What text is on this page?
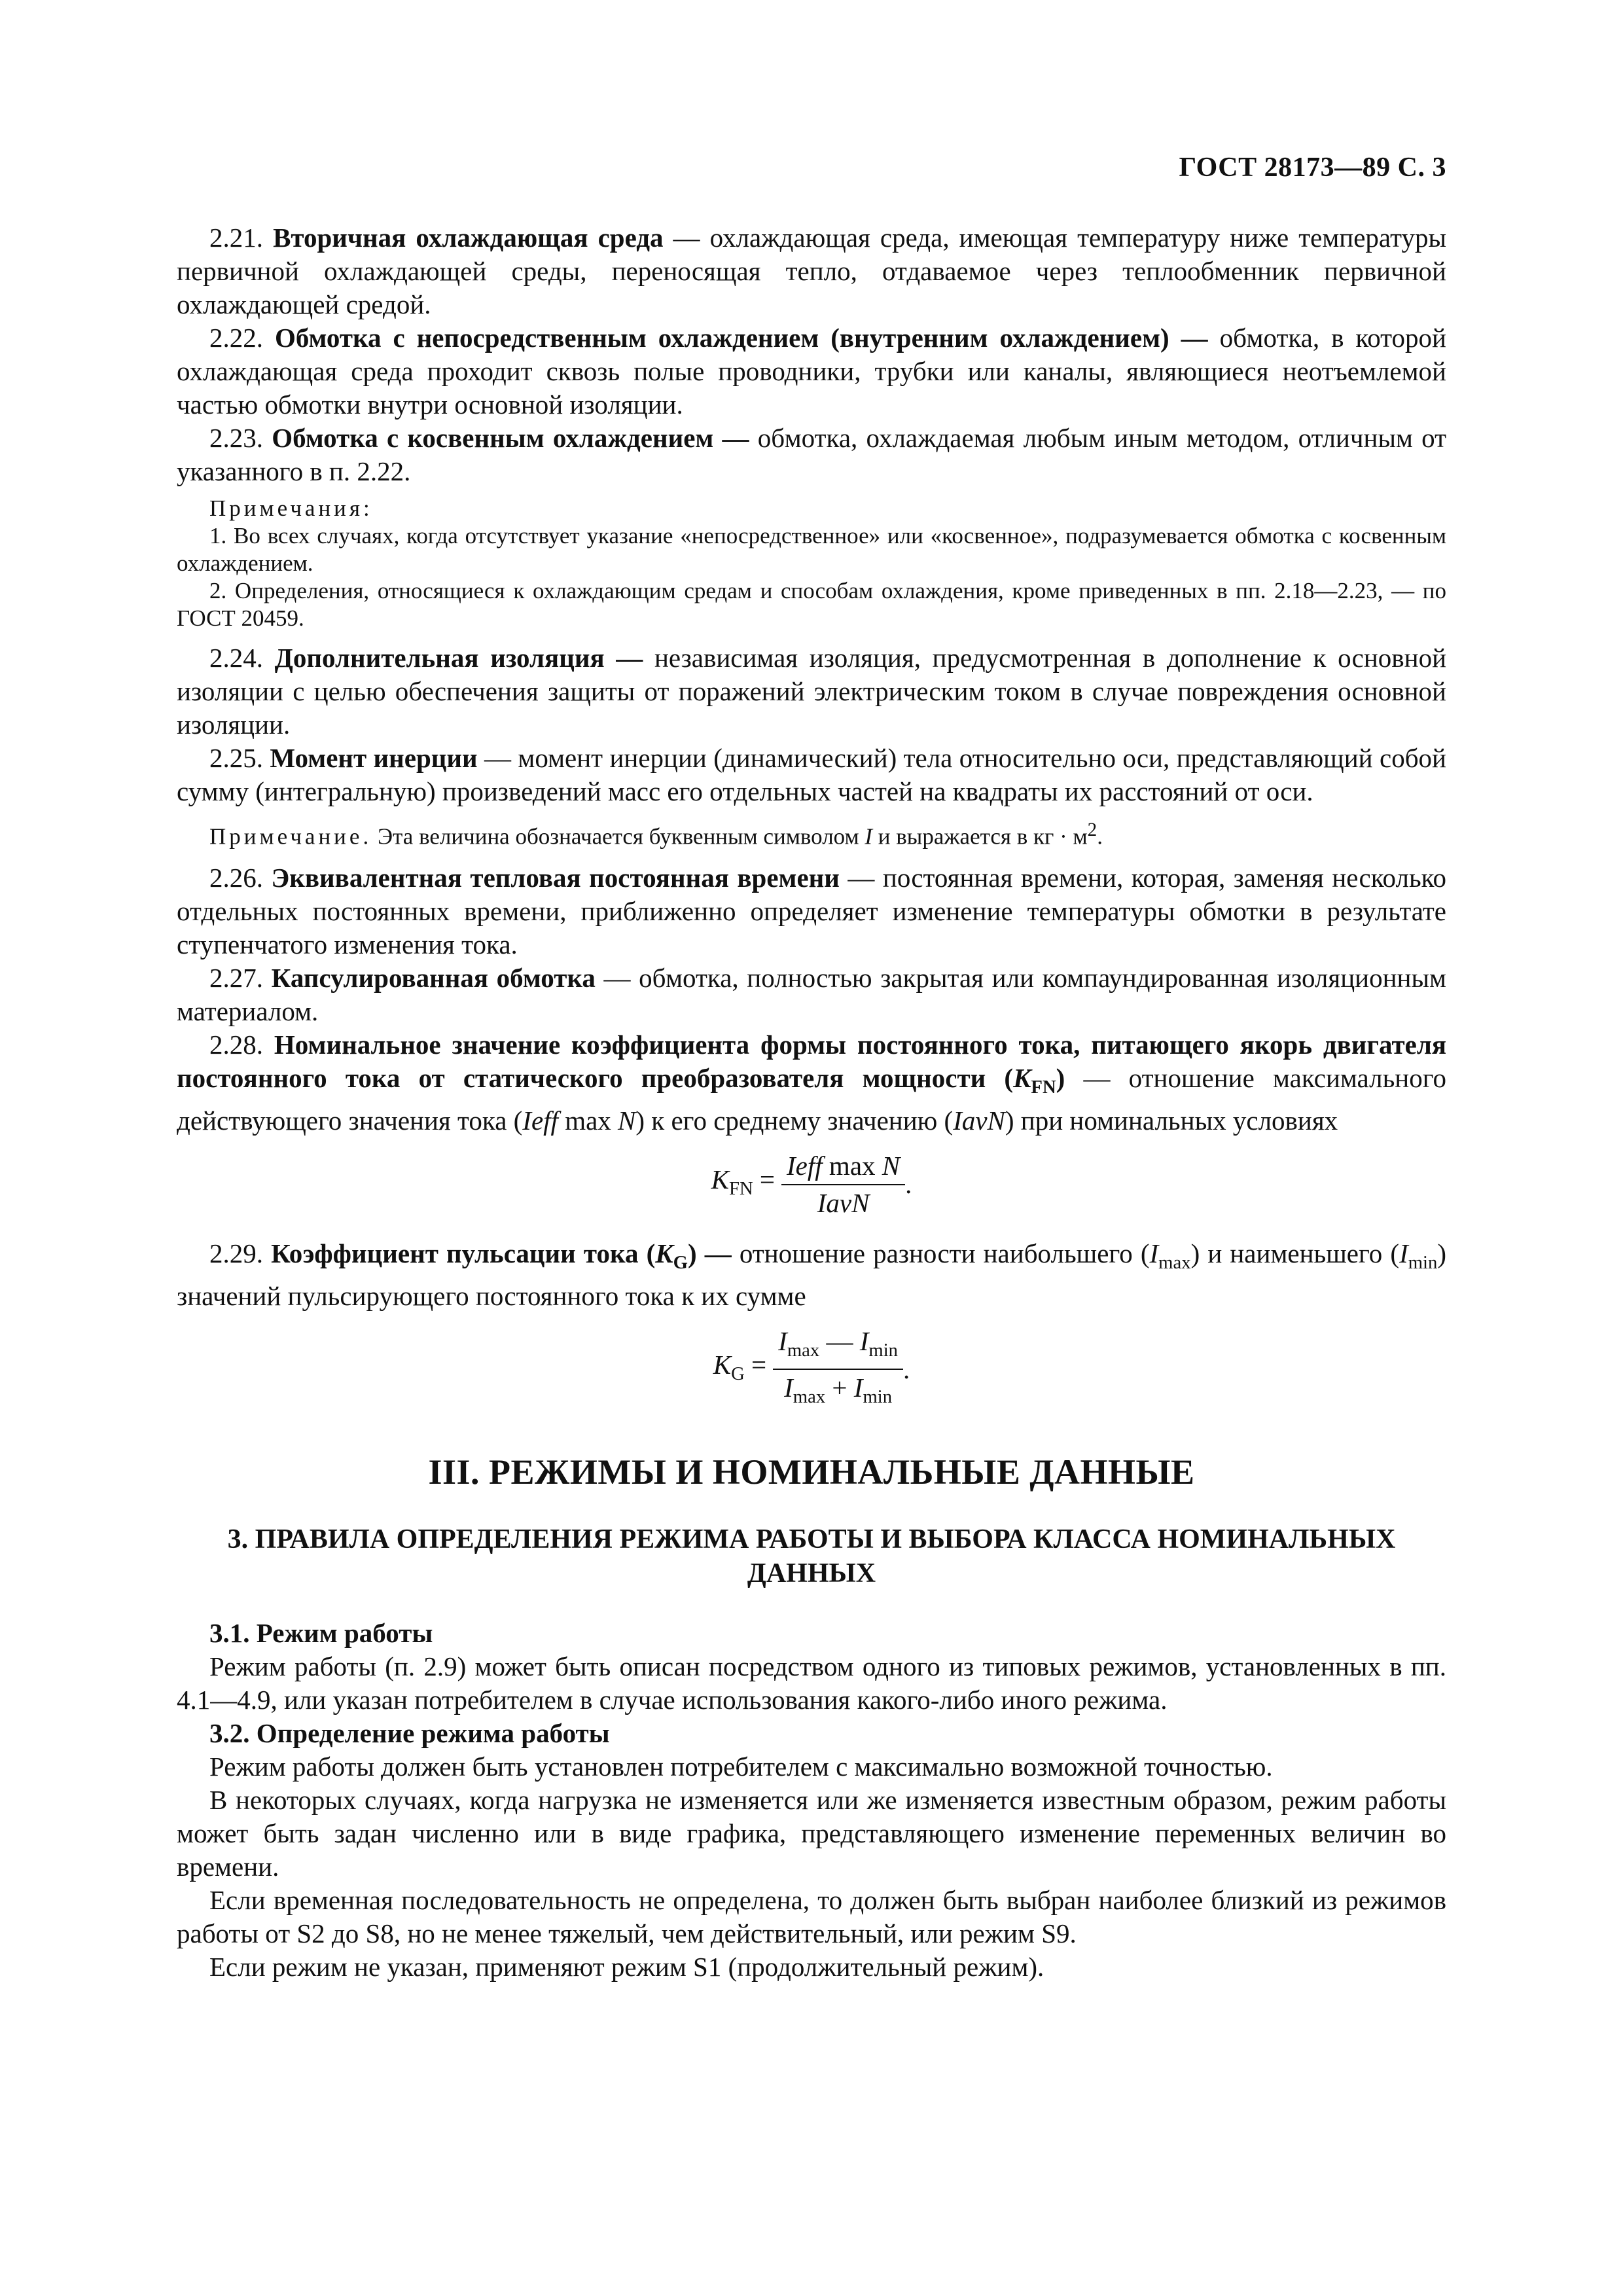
ГОСТ 28173—89 С. 3

2.21. Вторичная охлаждающая среда — охлаждающая среда, имеющая температуру ниже температуры первичной охлаждающей среды, переносящая тепло, отдаваемое через теплообменник первичной охлаждающей средой.

2.22. Обмотка с непосредственным охлаждением (внутренним охлаждением) — обмотка, в которой охлаждающая среда проходит сквозь полые проводники, трубки или каналы, являющиеся неотъемлемой частью обмотки внутри основной изоляции.

2.23. Обмотка с косвенным охлаждением — обмотка, охлаждаемая любым иным методом, отличным от указанного в п. 2.22.

Примечания:

1. Во всех случаях, когда отсутствует указание «непосредственное» или «косвенное», подразумевается обмотка с косвенным охлаждением.

2. Определения, относящиеся к охлаждающим средам и способам охлаждения, кроме приведенных в пп. 2.18—2.23, — по ГОСТ 20459.

2.24. Дополнительная изоляция — независимая изоляция, предусмотренная в дополнение к основной изоляции с целью обеспечения защиты от поражений электрическим током в случае повреждения основной изоляции.

2.25. Момент инерции — момент инерции (динамический) тела относительно оси, представляющий собой сумму (интегральную) произведений масс его отдельных частей на квадраты их расстояний от оси.

Примечание. Эта величина обозначается буквенным символом I и выражается в кг · $м^2$.

2.26. Эквивалентная тепловая постоянная времени — постоянная времени, которая, заменяя несколько отдельных постоянных времени, приближенно определяет изменение температуры обмотки в результате ступенчатого изменения тока.

2.27. Капсулированная обмотка — обмотка, полностью закрытая или компаундированная изоляционным материалом.

2.28. Номинальное значение коэффициента формы постоянного тока, питающего якорь двигателя постоянного тока от статического преобразователя мощности $(K_{FN})$ — отношение максимального действующего значения тока (Ieff max N) к его среднему значению (IavN) при номинальных условиях

$K_{FN} = \frac{\text{Ieff max N}}{\text{IavN}}$ .

2.29. Коэффициент пульсации тока $(K_G)$ — отношение разности наибольшего $(I_{max})$ и наименьшего $(I_{min})$ значений пульсирующего постоянного тока к их сумме

$K_G = \frac{I_{max} — I_{min}}{I_{max} + I_{min}}$ .
III. РЕЖИМЫ И НОМИНАЛЬНЫЕ ДАННЫЕ
3. ПРАВИЛА ОПРЕДЕЛЕНИЯ РЕЖИМА РАБОТЫ И ВЫБОРА КЛАССА НОМИНАЛЬНЫХ ДАННЫХ

3.1. Режим работы

Режим работы (п. 2.9) может быть описан посредством одного из типовых режимов, установленных в пп. 4.1—4.9, или указан потребителем в случае использования какого-либо иного режима.

3.2. Определение режима работы

Режим работы должен быть установлен потребителем с максимально возможной точностью.

В некоторых случаях, когда нагрузка не изменяется или же изменяется известным образом, режим работы может быть задан численно или в виде графика, представляющего изменение переменных величин во времени.

Если временная последовательность не определена, то должен быть выбран наиболее близкий из режимов работы от S2 до S8, но не менее тяжелый, чем действительный, или режим S9.

Если режим не указан, применяют режим S1 (продолжительный режим).
